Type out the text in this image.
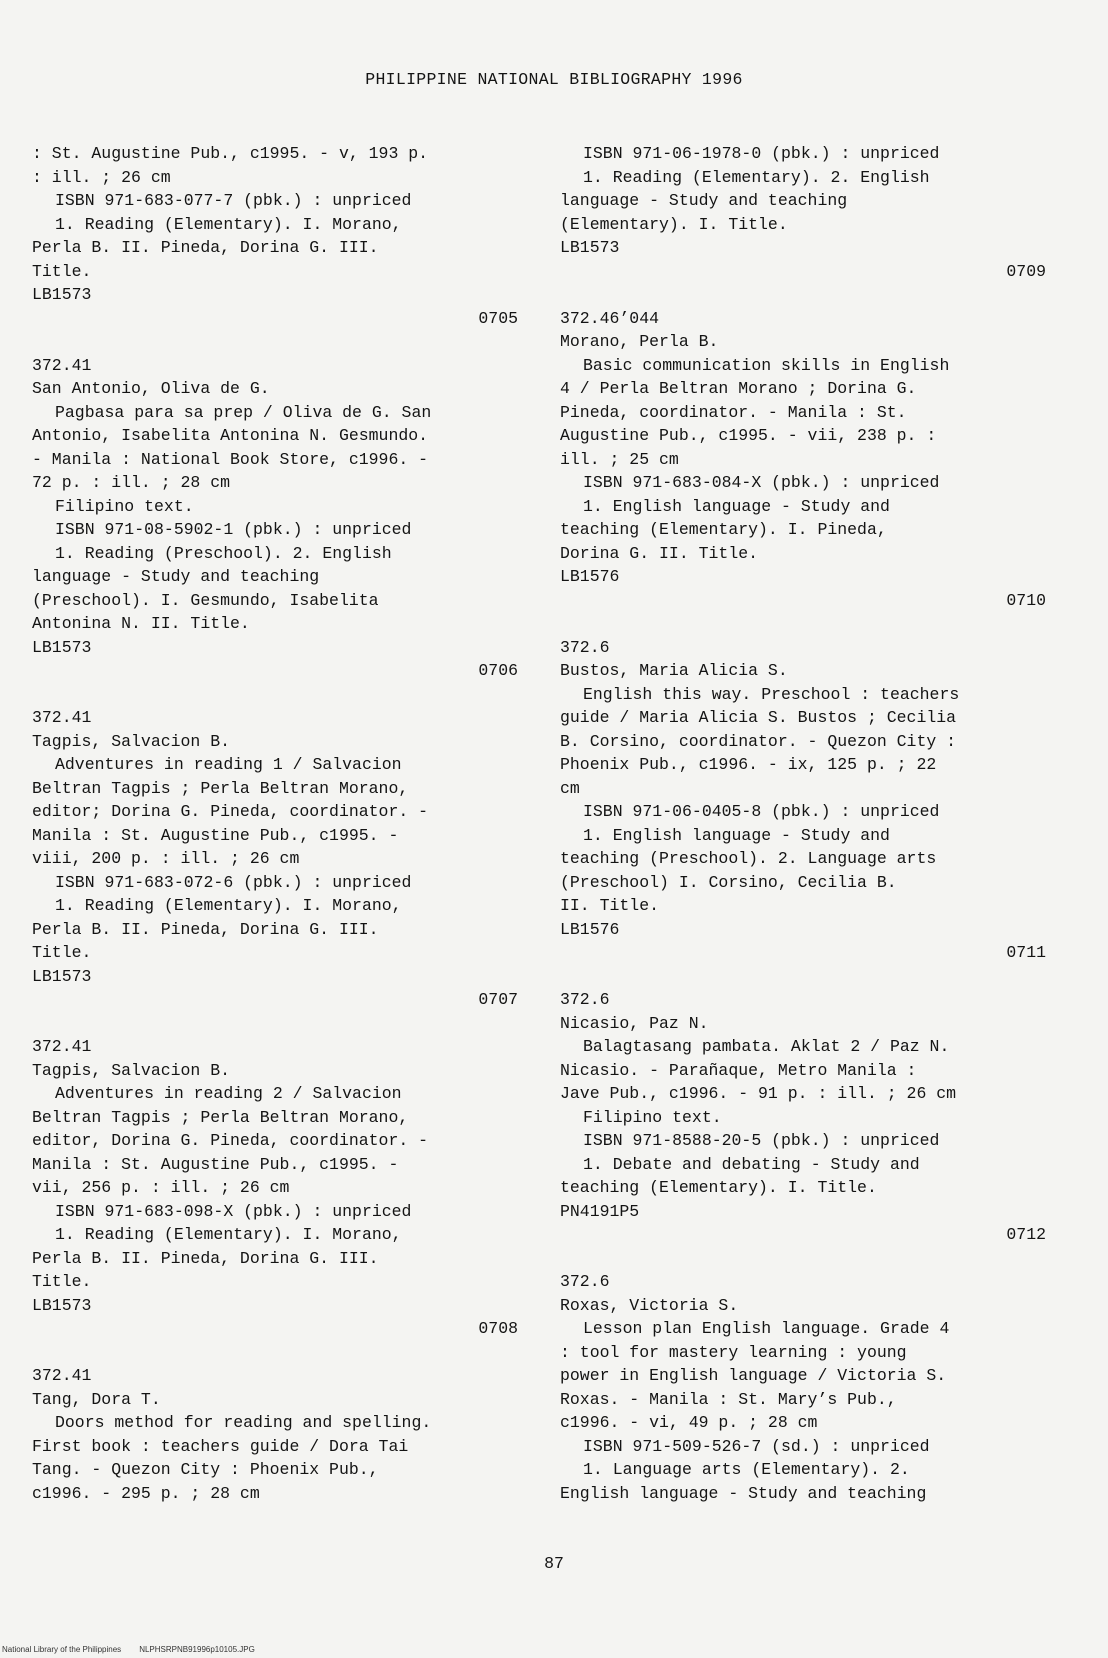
PHILIPPINE NATIONAL BIBLIOGRAPHY 1996
: St. Augustine Pub., c1995. - v, 193 p.
: ill. ; 26 cm
ISBN 971-683-077-7 (pbk.) : unpriced
1. Reading (Elementary). I. Morano,
Perla B. II. Pineda, Dorina G. III.
Title.
LB1573
0705
372.41
San Antonio, Oliva de G.
Pagbasa para sa prep / Oliva de G. San
Antonio, Isabelita Antonina N. Gesmundo.
- Manila : National Book Store, c1996. -
72 p. : ill. ; 28 cm
Filipino text.
ISBN 971-08-5902-1 (pbk.) : unpriced
1. Reading (Preschool). 2. English
language - Study and teaching
(Preschool). I. Gesmundo, Isabelita
Antonina N. II. Title.
LB1573
0706
372.41
Tagpis, Salvacion B.
Adventures in reading 1 / Salvacion
Beltran Tagpis ; Perla Beltran Morano,
editor; Dorina G. Pineda, coordinator. -
Manila : St. Augustine Pub., c1995. -
viii, 200 p. : ill. ; 26 cm
ISBN 971-683-072-6 (pbk.) : unpriced
1. Reading (Elementary). I. Morano,
Perla B. II. Pineda, Dorina G. III.
Title.
LB1573
0707
372.41
Tagpis, Salvacion B.
Adventures in reading 2 / Salvacion
Beltran Tagpis ; Perla Beltran Morano,
editor, Dorina G. Pineda, coordinator. -
Manila : St. Augustine Pub., c1995. -
vii, 256 p. : ill. ; 26 cm
ISBN 971-683-098-X (pbk.) : unpriced
1. Reading (Elementary). I. Morano,
Perla B. II. Pineda, Dorina G. III.
Title.
LB1573
0708
372.41
Tang, Dora T.
Doors method for reading and spelling.
First book : teachers guide / Dora Tai
Tang. - Quezon City : Phoenix Pub.,
c1996. - 295 p. ; 28 cm
ISBN 971-06-1978-0 (pbk.) : unpriced
1. Reading (Elementary). 2. English
language - Study and teaching
(Elementary). I. Title.
LB1573
0709
372.46’044
Morano, Perla B.
Basic communication skills in English
4 / Perla Beltran Morano ; Dorina G.
Pineda, coordinator. - Manila : St.
Augustine Pub., c1995. - vii, 238 p. :
ill. ; 25 cm
ISBN 971-683-084-X (pbk.) : unpriced
1. English language - Study and
teaching (Elementary). I. Pineda,
Dorina G. II. Title.
LB1576
0710
372.6
Bustos, Maria Alicia S.
English this way. Preschool : teachers
guide / Maria Alicia S. Bustos ; Cecilia
B. Corsino, coordinator. - Quezon City :
Phoenix Pub., c1996. - ix, 125 p. ; 22
cm
ISBN 971-06-0405-8 (pbk.) : unpriced
1. English language - Study and
teaching (Preschool). 2. Language arts
(Preschool) I. Corsino, Cecilia B.
II. Title.
LB1576
0711
372.6
Nicasio, Paz N.
Balagtasang pambata. Aklat 2 / Paz N.
Nicasio. - Parañaque, Metro Manila :
Jave Pub., c1996. - 91 p. : ill. ; 26 cm
Filipino text.
ISBN 971-8588-20-5 (pbk.) : unpriced
1. Debate and debating - Study and
teaching (Elementary). I. Title.
PN4191P5
0712
372.6
Roxas, Victoria S.
Lesson plan English language. Grade 4
: tool for mastery learning : young
power in English language / Victoria S.
Roxas. - Manila : St. Mary’s Pub.,
c1996. - vi, 49 p. ; 28 cm
ISBN 971-509-526-7 (sd.) : unpriced
1. Language arts (Elementary). 2.
English language - Study and teaching
87
National Library of the Philippines NLPHSRPNB91996p10105.JPG
